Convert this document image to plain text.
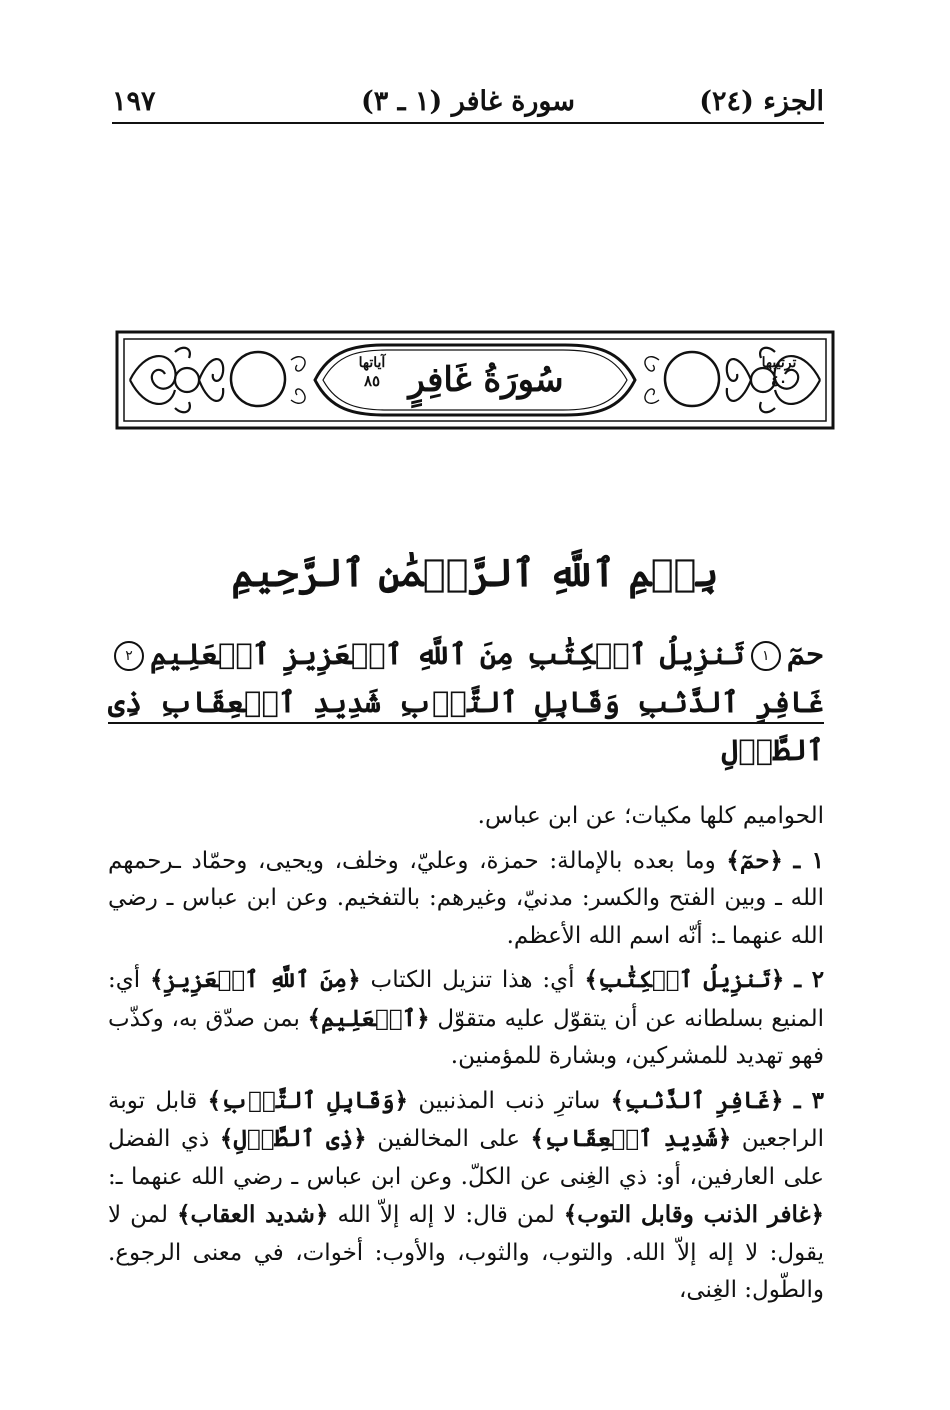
الجزء (٢٤)
سورة غافر (١ ـ ٣)
١٩٧
سُورَةُ غَافِرٍ
آياتها
٨٥
ترتيبها
٤٠
بِسۡمِ ٱللَّهِ ٱلرَّحۡمَٰنِ ٱلرَّحِيمِ
حمٓ١تَنزِيلُ ٱلۡكِتَٰبِ مِنَ ٱللَّهِ ٱلۡعَزِيزِ ٱلۡعَلِيمِ٢غَافِرِ ٱلذَّنۢبِ وَقَابِلِ ٱلتَّوۡبِ شَدِيدِ ٱلۡعِقَابِ ذِى ٱلطَّوۡلِ

الحواميم كلها مكيات؛ عن ابن عباس.

١ ـ ﴿حمٓ﴾ وما بعده بالإمالة: حمزة، وعليّ، وخلف، ويحيى، وحمّاد ـرحمهم الله ـ وبين الفتح والكسر: مدنيّ، وغيرهم: بالتفخيم. وعن ابن عباس ـ رضي الله عنهما ـ: أنّه اسم الله الأعظم.

٢ ـ ﴿تَنزِيلُ ٱلۡكِتَٰبِ﴾ أي: هذا تنزيل الكتاب ﴿مِنَ ٱللَّهِ ٱلۡعَزِيزِ﴾ أي: المنيع بسلطانه عن أن يتقوّل عليه متقوّل ﴿ٱلۡعَلِيمِ﴾ بمن صدّق به، وكذّب فهو تهديد للمشركين، وبشارة للمؤمنين.

٣ ـ ﴿غَافِرِ ٱلذَّنۢبِ﴾ ساترِ ذنب المذنبين ﴿وَقَابِلِ ٱلتَّوۡبِ﴾ قابل توبة الراجعين ﴿شَدِيدِ ٱلۡعِقَابِ﴾ على المخالفين ﴿ذِى ٱلطَّوۡلِ﴾ ذي الفضل على العارفين، أو: ذي الغِنى عن الكلّ. وعن ابن عباس ـ رضي الله عنهما ـ: ﴿غافر الذنب وقابل التوب﴾ لمن قال: لا إله إلاّ الله ﴿شديد العقاب﴾ لمن لا يقول: لا إله إلاّ الله. والتوب، والثوب، والأوب: أخوات، في معنى الرجوع. والطّول: الغِنى،
